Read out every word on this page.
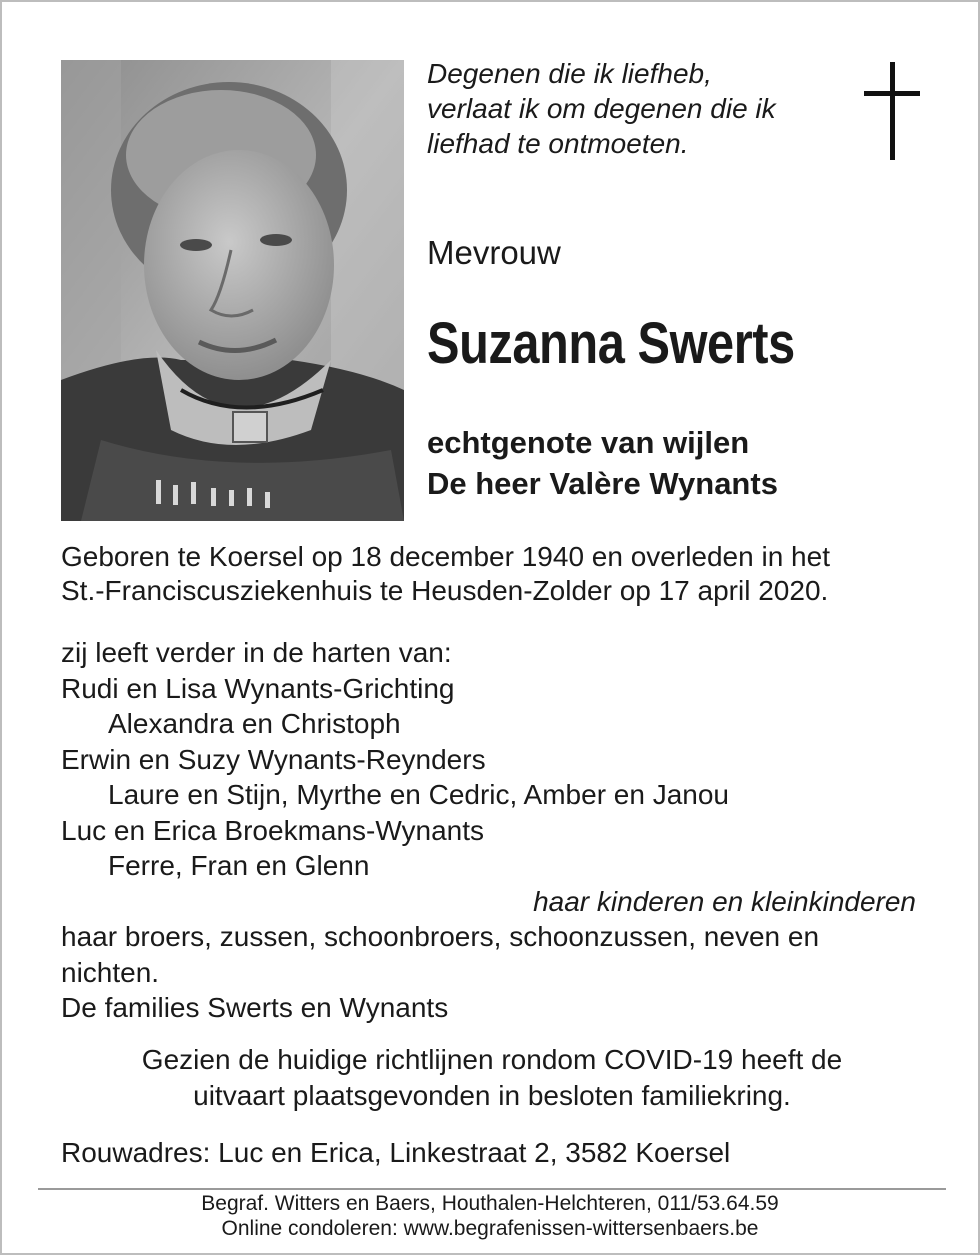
Degenen die ik liefheb,
verlaat ik om degenen die ik
liefhad te ontmoeten.
Mevrouw
Suzanna Swerts
echtgenote van wijlen
De heer Valère Wynants
Geboren te Koersel op 18 december 1940 en overleden in het
St.-Franciscusziekenhuis te Heusden-Zolder op 17 april 2020.
zij leeft verder in de harten van:
Rudi en Lisa Wynants-Grichting
Alexandra en Christoph
Erwin en Suzy Wynants-Reynders
Laure en Stijn, Myrthe en Cedric, Amber en Janou
Luc en Erica Broekmans-Wynants
Ferre, Fran en Glenn
haar kinderen en kleinkinderen
haar broers, zussen, schoonbroers, schoonzussen, neven en nichten.
De families Swerts en Wynants
Gezien de huidige richtlijnen rondom COVID-19 heeft de
uitvaart plaatsgevonden in besloten familiekring.
Rouwadres: Luc en Erica, Linkestraat 2, 3582 Koersel
Begraf. Witters en Baers, Houthalen-Helchteren, 011/53.64.59
Online condoleren: www.begrafenissen-wittersenbaers.be
